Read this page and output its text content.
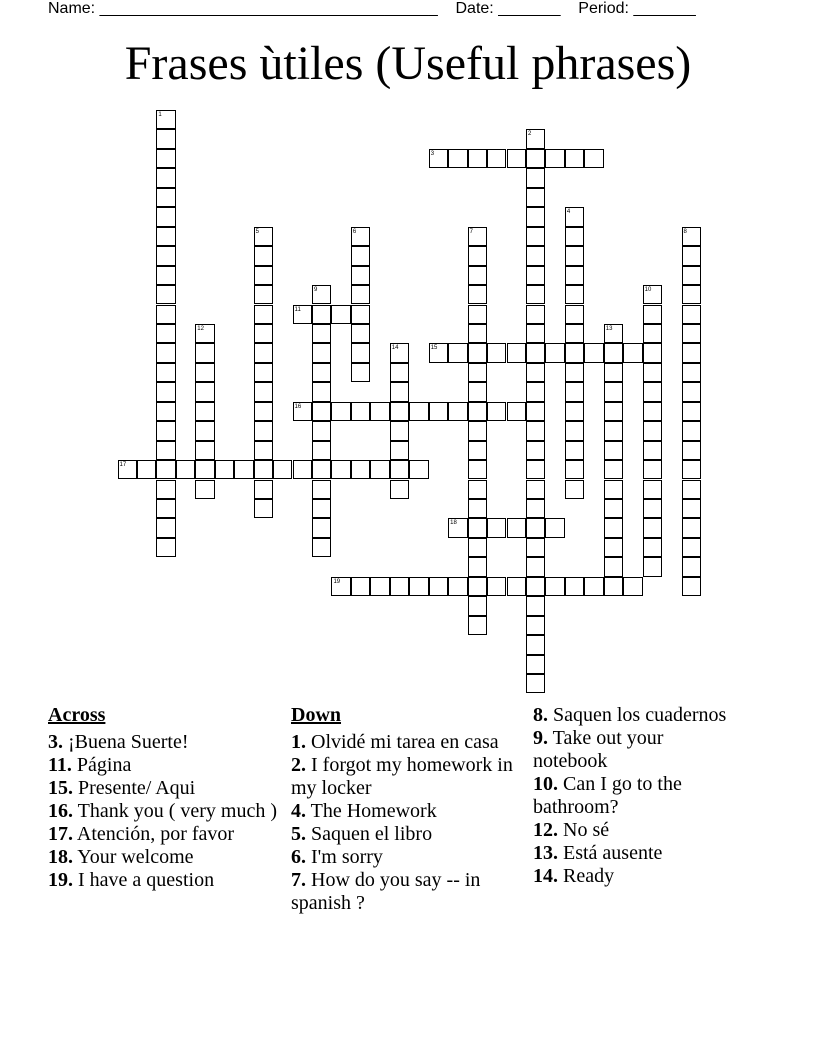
Name: ______________________________________ Date: _______ Period: _______
Frases ùtiles (Useful phrases)
1
2
3
4
5	6	7	8
9	10
11
12	13
14	15
16
17
18
19
Across
3. ¡Buena Suerte!
11. Página
15. Presente/ Aqui
16. Thank you ( very much )
17. Atención, por favor
18. Your welcome
19. I have a question
Down
1. Olvidé mi tarea en casa
2. I forgot my homework in my locker
4. The Homework
5. Saquen el libro
6. I'm sorry
7. How do you say -- in spanish ?
8. Saquen los cuadernos
9. Take out your notebook
10. Can I go to the bathroom?
12. No sé
13. Está ausente
14. Ready
